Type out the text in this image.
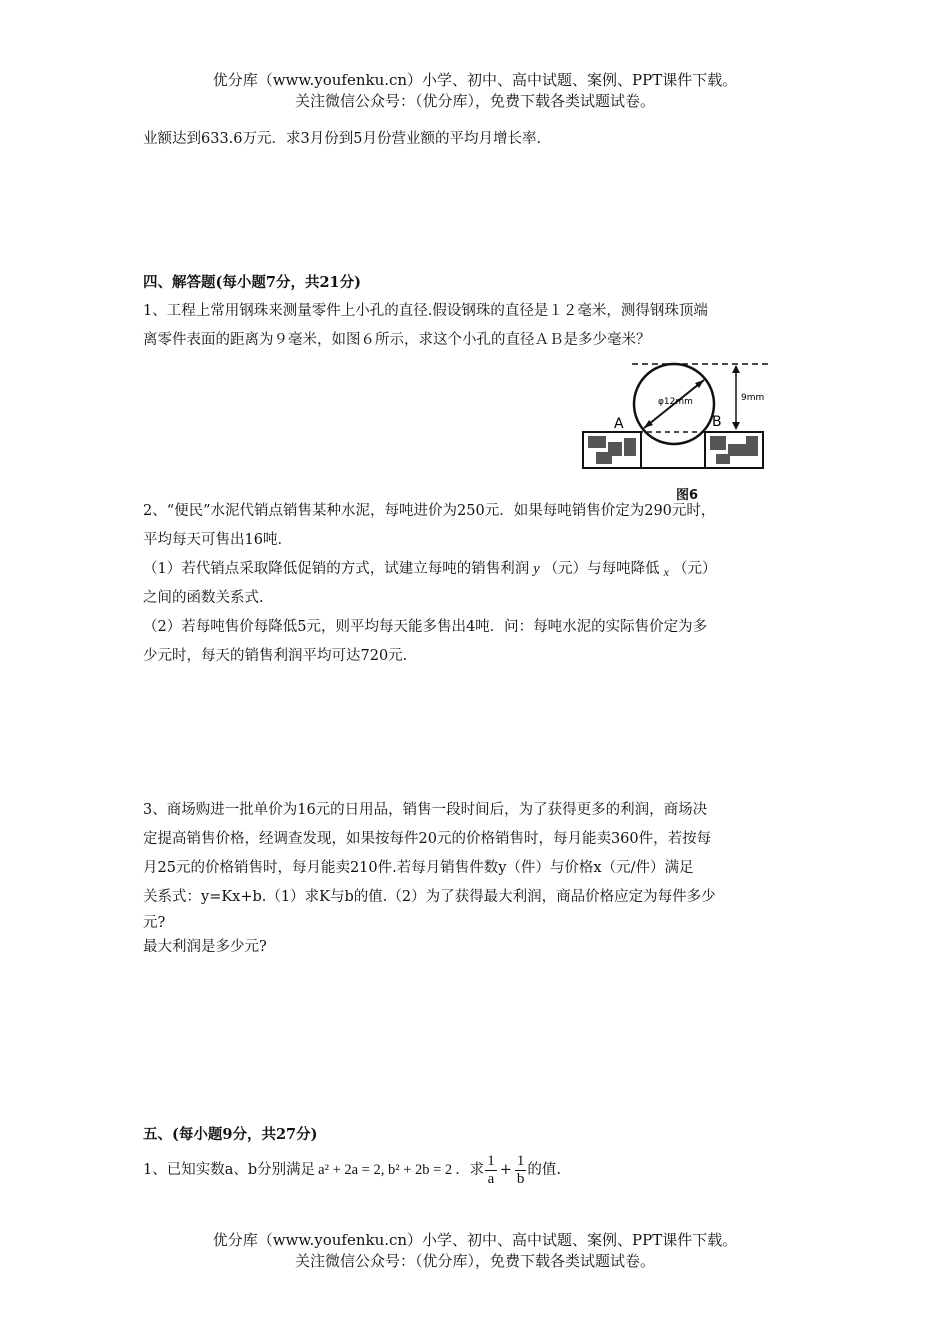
优分库（www.youfenku.cn）小学、初中、高中试题、案例、PPT课件下载。
关注微信公众号：（优分库），免费下载各类试题试卷。
业额达到633.6万元．求3月份到5月份营业额的平均月增长率．
四、解答题(每小题7分，共21分)
1、工程上常用钢珠来测量零件上小孔的直径.假设钢珠的直径是１２毫米，测得钢珠顶端
离零件表面的距离为９毫米，如图６所示，求这个小孔的直径ＡＢ是多少毫米？
φ12mm	9mm
A	B
图6
2、“便民”水泥代销点销售某种水泥，每吨进价为250元．如果每吨销售价定为290元时，
平均每天可售出16吨．
（1）若代销点采取降低促销的方式，试建立每吨的销售利润 y （元）与每吨降低 $_x$ （元）
之间的函数关系式.
（2）若每吨售价每降低5元，则平均每天能多售出4吨．问：每吨水泥的实际售价定为多
少元时，每天的销售利润平均可达720元.
3、商场购进一批单价为16元的日用品，销售一段时间后，为了获得更多的利润，商场决
定提高销售价格，经调查发现，如果按每件20元的价格销售时，每月能卖360件，若按每
月25元的价格销售时，每月能卖210件.若每月销售件数y（件）与价格x（元/件）满足
关系式：y=Kx+b.（1）求K与b的值.（2）为了获得最大利润，商品价格应定为每件多少
元?
最大利润是多少元?
五、(每小题9分，共27分)
1、已知实数a、b分别满足 a² + 2a = 2, b² + 2b = 2 ．求 $\frac{1}{a} + \frac{1}{b}$ 的值.
优分库（www.youfenku.cn）小学、初中、高中试题、案例、PPT课件下载。
关注微信公众号：（优分库），免费下载各类试题试卷。
